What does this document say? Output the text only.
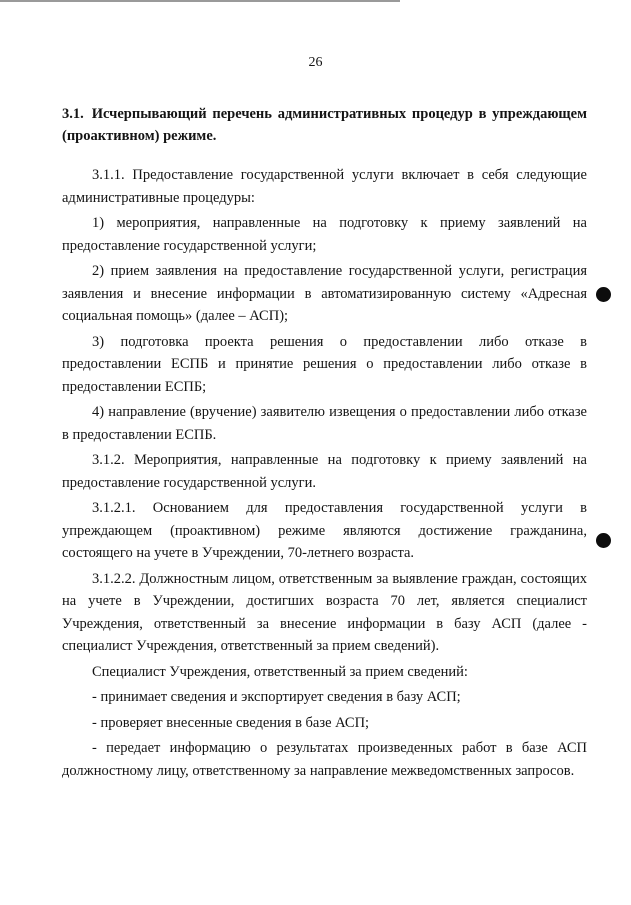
26
3.1. Исчерпывающий перечень административных процедур в упреждающем (проактивном) режиме.

3.1.1. Предоставление государственной услуги включает в себя следующие административные процедуры:

1) мероприятия, направленные на подготовку к приему заявлений на предоставление государственной услуги;

2) прием заявления на предоставление государственной услуги, регистрация заявления и внесение информации в автоматизированную систему «Адресная социальная помощь» (далее – АСП);

3) подготовка проекта решения о предоставлении либо отказе в предоставлении ЕСПБ и принятие решения о предоставлении либо отказе в предоставлении ЕСПБ;

4) направление (вручение) заявителю извещения о предоставлении либо отказе в предоставлении ЕСПБ.

3.1.2. Мероприятия, направленные на подготовку к приему заявлений на предоставление государственной услуги.

3.1.2.1. Основанием для предоставления государственной услуги в упреждающем (проактивном) режиме являются достижение гражданина, состоящего на учете в Учреждении, 70-летнего возраста.

3.1.2.2. Должностным лицом, ответственным за выявление граждан, состоящих на учете в Учреждении, достигших возраста 70 лет, является специалист Учреждения, ответственный за внесение информации в базу АСП (далее - специалист Учреждения, ответственный за прием сведений).

Специалист Учреждения, ответственный за прием сведений:

- принимает сведения и экспортирует сведения в базу АСП;

- проверяет внесенные сведения в базе АСП;

- передает информацию о результатах произведенных работ в базе АСП должностному лицу, ответственному за направление межведомственных запросов.
